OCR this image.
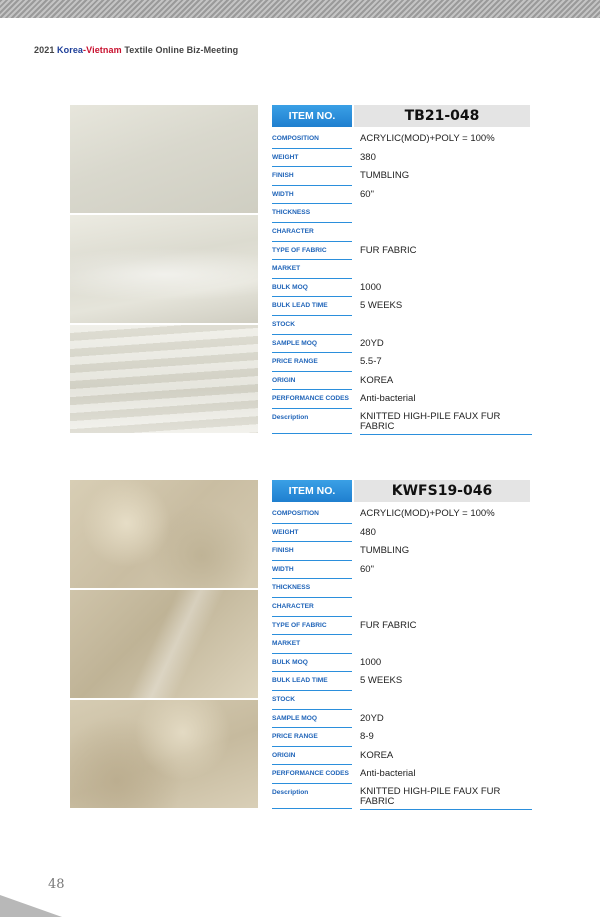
2021 Korea-Vietnam Textile Online Biz-Meeting
ITEM NO.	TB21-048
COMPOSITION	ACRYLIC(MOD)+POLY = 100%
WEIGHT	380
FINISH	TUMBLING
WIDTH	60"
THICKNESS
CHARACTER
TYPE OF FABRIC	FUR FABRIC
MARKET
BULK MOQ	1000
BULK LEAD TIME	5 WEEKS
STOCK
SAMPLE MOQ	20YD
PRICE RANGE	5.5-7
ORIGIN	KOREA
PERFORMANCE CODES	Anti-bacterial
Description	KNITTED HIGH-PILE FAUX FUR FABRIC
ITEM NO.	KWFS19-046
COMPOSITION	ACRYLIC(MOD)+POLY = 100%
WEIGHT	480
FINISH	TUMBLING
WIDTH	60"
THICKNESS
CHARACTER
TYPE OF FABRIC	FUR FABRIC
MARKET
BULK MOQ	1000
BULK LEAD TIME	5 WEEKS
STOCK
SAMPLE MOQ	20YD
PRICE RANGE	8-9
ORIGIN	KOREA
PERFORMANCE CODES	Anti-bacterial
Description	KNITTED HIGH-PILE FAUX FUR FABRIC
48
